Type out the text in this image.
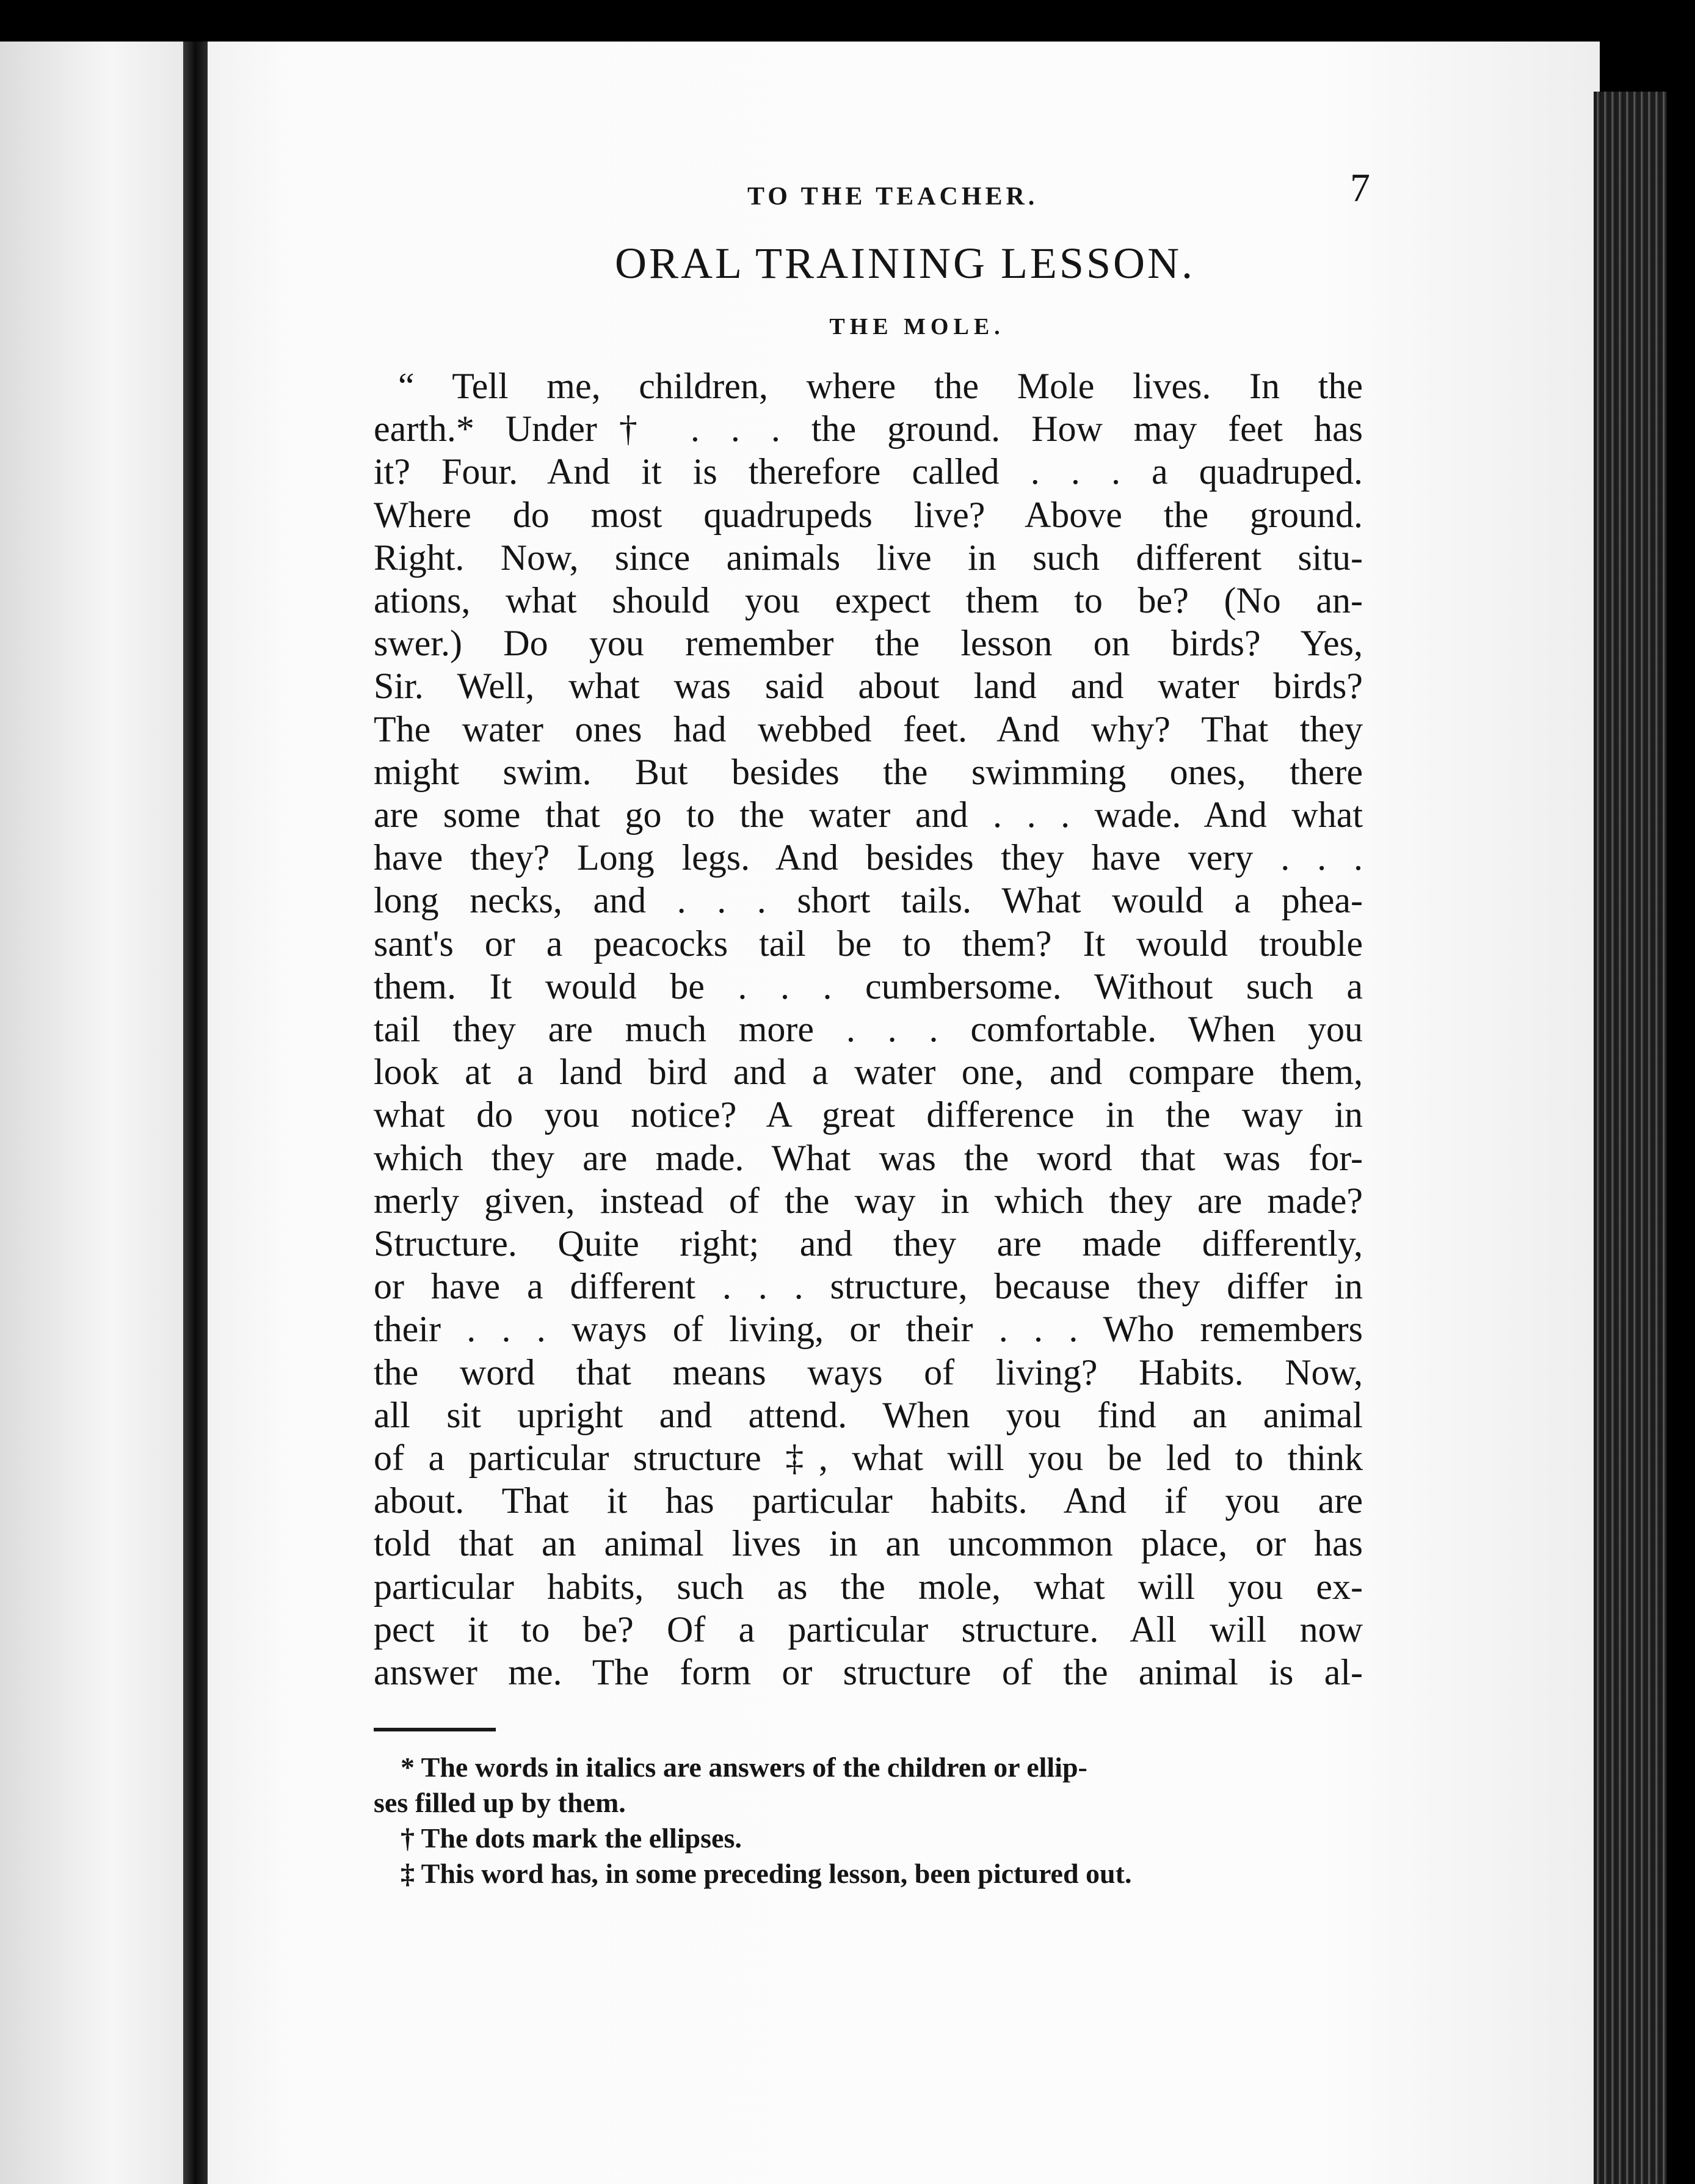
TO THE TEACHER.	7
ORAL TRAINING LESSON.
THE MOLE.
“ Tell me, children, where the Mole lives. In the
earth.* Under† . . . the ground. How may feet has
it? Four. And it is therefore called . . . a quadruped.
Where do most quadrupeds live? Above the ground.
Right. Now, since animals live in such different situ-
ations, what should you expect them to be? (No an-
swer.) Do you remember the lesson on birds? Yes,
Sir. Well, what was said about land and water birds?
The water ones had webbed feet. And why? That they
might swim. But besides the swimming ones, there
are some that go to the water and . . . wade. And what
have they? Long legs. And besides they have very . . .
long necks, and . . . short tails. What would a phea-
sant's or a peacocks tail be to them? It would trouble
them. It would be . . . cumbersome. Without such a
tail they are much more . . . comfortable. When you
look at a land bird and a water one, and compare them,
what do you notice? A great difference in the way in
which they are made. What was the word that was for-
merly given, instead of the way in which they are made?
Structure. Quite right; and they are made differently,
or have a different . . . structure, because they differ in
their . . . ways of living, or their . . . Who remembers
the word that means ways of living? Habits. Now,
all sit upright and attend. When you find an animal
of a particular structure ‡, what will you be led to think
about. That it has particular habits. And if you are
told that an animal lives in an uncommon place, or has
particular habits, such as the mole, what will you ex-
pect it to be? Of a particular structure. All will now
answer me. The form or structure of the animal is al-

* The words in italics are answers of the children or ellip-

ses filled up by them.

† The dots mark the ellipses.

‡ This word has, in some preceding lesson, been pictured out.
